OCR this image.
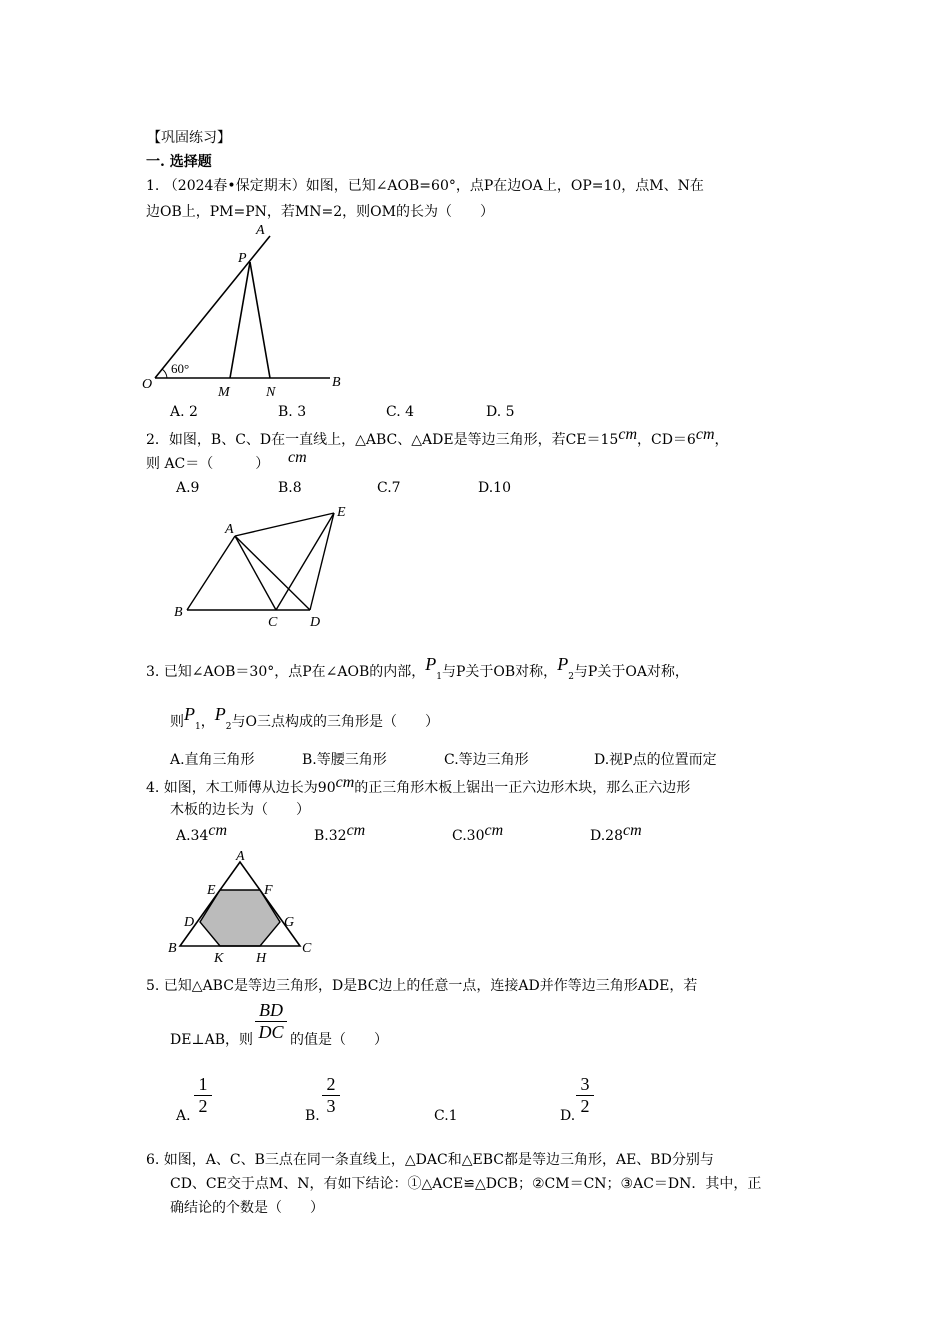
【巩固练习】
一. 选择题
1. （2024春•保定期末）如图，已知∠AOB=60°，点P在边OA上，OP=10，点M、N在
边OB上，PM=PN，若MN=2，则OM的长为（　　）
A
P
O
M	N
B
60°
A. 2	B. 3	C. 4	D. 5
2．如图，B、C、D在一直线上，△ABC、△ADE是等边三角形，若CE＝15cm，CD＝6cm，
则 AC＝（　　　） cm
A.9	B.8	C.7	D.10
A
E
B
C D
3. 已知∠AOB＝30°，点P在∠AOB的内部，$P_1$与P关于OB对称，$P_2$与P关于OA对称，
则$P_1$，$P_2$与O三点构成的三角形是（　　）
A.直角三角形	B.等腰三角形	C.等边三角形	D.视P点的位置而定
4. 如图，木工师傅从边长为90cm的正三角形木板上锯出一正六边形木块，那么正六边形
木板的边长为（　　）
A.34cm	B.32cm	C.30cm	D.28cm
A
E	F
D	G
B	C
K H
5. 已知△ABC是等边三角形，D是BC边上的任意一点，连接AD并作等边三角形ADE，若
DE⊥AB，则 $\frac{BD}{DC}$ 的值是（　　）
A. $\frac{1}{2}$	B. $\frac{2}{3}$	C.1	D. $\frac{3}{2}$
6. 如图，A、C、B三点在同一条直线上，△DAC和△EBC都是等边三角形，AE、BD分别与
CD、CE交于点M、N，有如下结论：①△ACE≌△DCB；②CM＝CN；③AC＝DN．其中，正
确结论的个数是（　　）
